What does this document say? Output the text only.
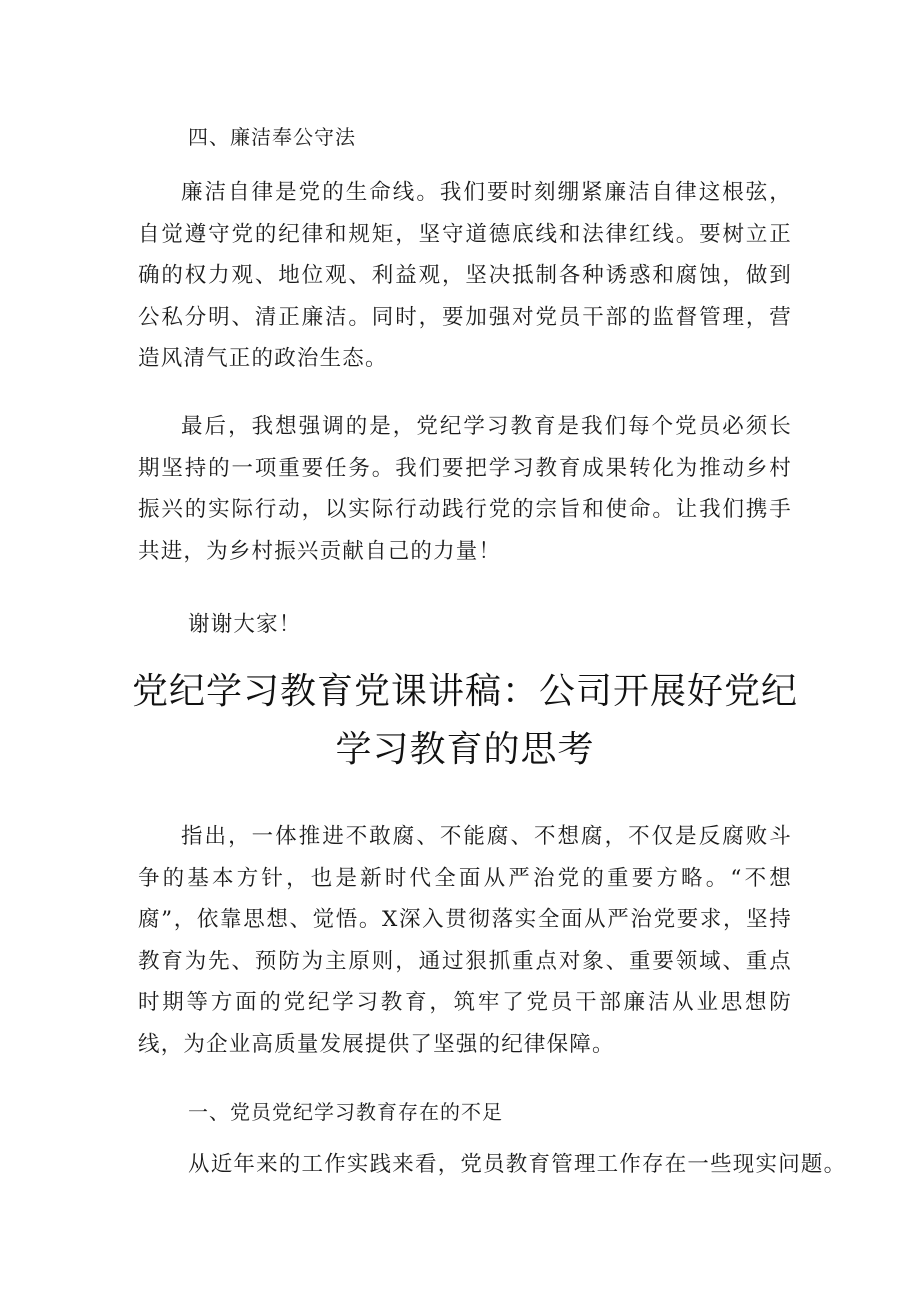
四、廉洁奉公守法

廉洁自律是党的生命线。我们要时刻绷紧廉洁自律这根弦，自觉遵守党的纪律和规矩，坚守道德底线和法律红线。要树立正确的权力观、地位观、利益观，坚决抵制各种诱惑和腐蚀，做到公私分明、清正廉洁。同时，要加强对党员干部的监督管理，营造风清气正的政治生态。

最后，我想强调的是，党纪学习教育是我们每个党员必须长期坚持的一项重要任务。我们要把学习教育成果转化为推动乡村振兴的实际行动，以实际行动践行党的宗旨和使命。让我们携手共进，为乡村振兴贡献自己的力量！

谢谢大家！

党纪学习教育党课讲稿：公司开展好党纪学习教育的思考

指出，一体推进不敢腐、不能腐、不想腐，不仅是反腐败斗争的基本方针，也是新时代全面从严治党的重要方略。“不想腐”，依靠思想、觉悟。X深入贯彻落实全面从严治党要求，坚持教育为先、预防为主原则，通过狠抓重点对象、重要领域、重点时期等方面的党纪学习教育，筑牢了党员干部廉洁从业思想防线，为企业高质量发展提供了坚强的纪律保障。

一、党员党纪学习教育存在的不足

从近年来的工作实践来看，党员教育管理工作存在一些现实问题。
